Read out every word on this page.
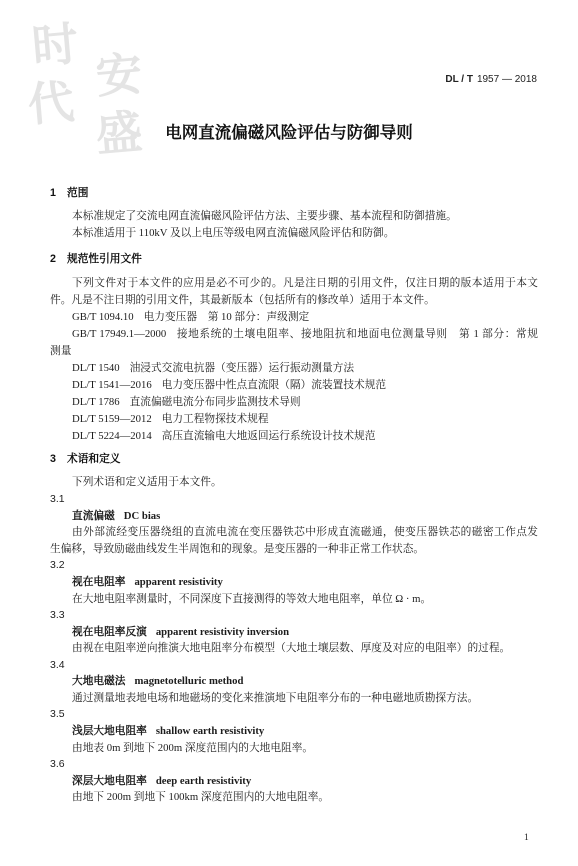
时
代 安
盛
DL / T 1957 — 2018
电网直流偏磁风险评估与防御导则
1 范围
本标准规定了交流电网直流偏磁风险评估方法、主要步骤、基本流程和防御措施。
本标准适用于 110kV 及以上电压等级电网直流偏磁风险评估和防御。
2 规范性引用文件
下列文件对于本文件的应用是必不可少的。凡是注日期的引用文件，仅注日期的版本适用于本文
件。凡是不注日期的引用文件，其最新版本（包括所有的修改单）适用于本文件。
GB/T 1094.10 电力变压器　第 10 部分：声级测定
GB/T 17949.1—2000 接地系统的土壤电阻率、接地阻抗和地面电位测量导则　第 1 部分：常规
测量
DL/T 1540 油浸式交流电抗器（变压器）运行振动测量方法
DL/T 1541—2016 电力变压器中性点直流限（隔）流装置技术规范
DL/T 1786 直流偏磁电流分布同步监测技术导则
DL/T 5159—2012 电力工程物探技术规程
DL/T 5224—2014 高压直流输电大地返回运行系统设计技术规范
3 术语和定义
下列术语和定义适用于本文件。
3.1
直流偏磁 DC bias
由外部流经变压器绕组的直流电流在变压器铁芯中形成直流磁通，使变压器铁芯的磁密工作点发
生偏移，导致励磁曲线发生半周饱和的现象。是变压器的一种非正常工作状态。
3.2
视在电阻率 apparent resistivity
在大地电阻率测量时，不同深度下直接测得的等效大地电阻率，单位 Ω · m。
3.3
视在电阻率反演 apparent resistivity inversion
由视在电阻率逆向推演大地电阻率分布模型（大地土壤层数、厚度及对应的电阻率）的过程。
3.4
大地电磁法 magnetotelluric method
通过测量地表地电场和地磁场的变化来推演地下电阻率分布的一种电磁地质勘探方法。
3.5
浅层大地电阻率 shallow earth resistivity
由地表 0m 到地下 200m 深度范围内的大地电阻率。
3.6
深层大地电阻率 deep earth resistivity
由地下 200m 到地下 100km 深度范围内的大地电阻率。
1
